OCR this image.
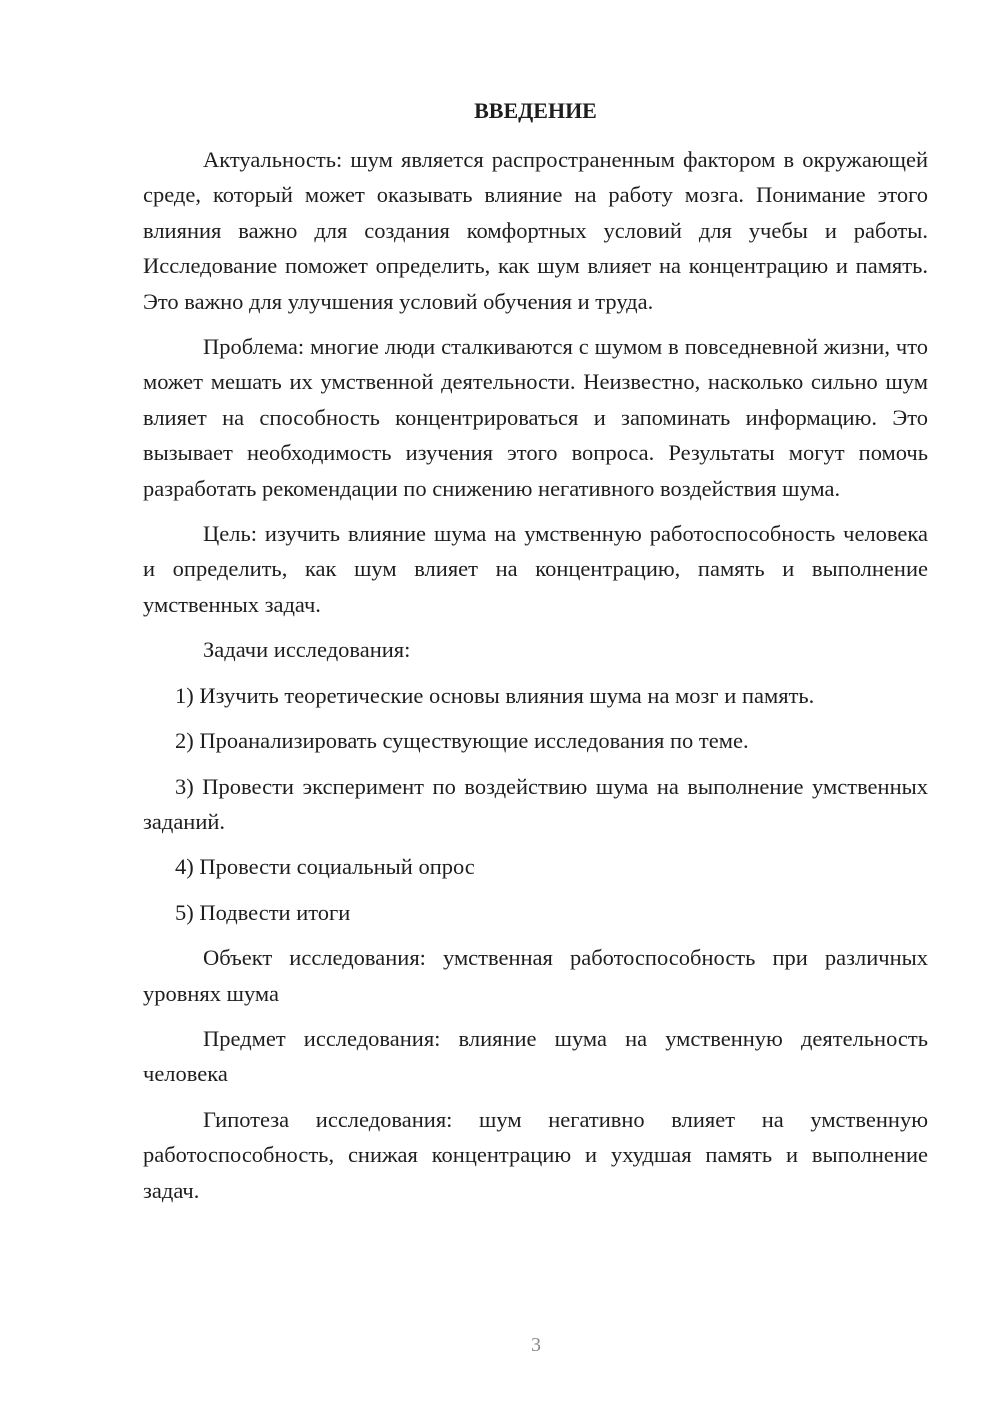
ВВЕДЕНИЕ

Актуальность: шум является распространенным фактором в окружающей среде, который может оказывать влияние на работу мозга. Понимание этого влияния важно для создания комфортных условий для учебы и работы. Исследование поможет определить, как шум влияет на концентрацию и память. Это важно для улучшения условий обучения и труда.

Проблема: многие люди сталкиваются с шумом в повседневной жизни, что может мешать их умственной деятельности. Неизвестно, насколько сильно шум влияет на способность концентрироваться и запоминать информацию. Это вызывает необходимость изучения этого вопроса. Результаты могут помочь разработать рекомендации по снижению негативного воздействия шума.

Цель: изучить влияние шума на умственную работоспособность человека и определить, как шум влияет на концентрацию, память и выполнение умственных задач.

Задачи исследования:

1) Изучить теоретические основы влияния шума на мозг и память.

2) Проанализировать существующие исследования по теме.

3) Провести эксперимент по воздействию шума на выполнение умственных заданий.

4) Провести социальный опрос

5) Подвести итоги

Объект исследования: умственная работоспособность при различных уровнях шума

Предмет исследования: влияние шума на умственную деятельность человека

Гипотеза исследования: шум негативно влияет на умственную работоспособность, снижая концентрацию и ухудшая память и выполнение задач.

3
